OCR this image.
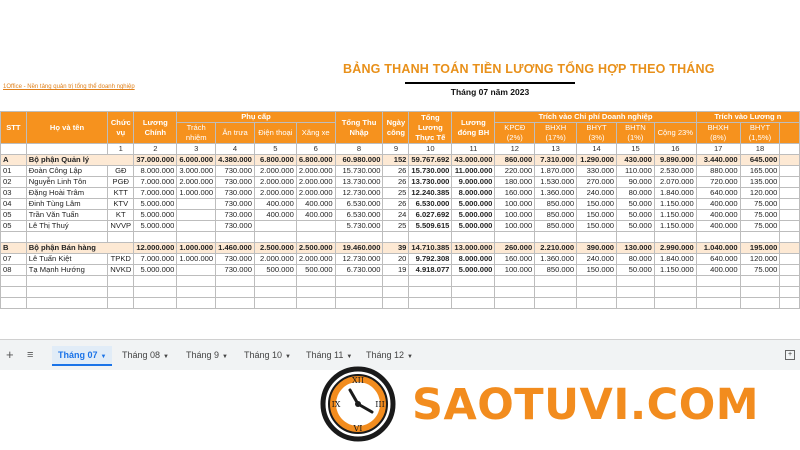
1Office - Nền tảng quản trị tổng thể doanh nghiệp
BẢNG THANH TOÁN TIỀN LƯƠNG TỔNG HỢP THEO THÁNG
Tháng 07 năm 2023
STT	Họ và tên	Chức vụ	Lương Chính	Phụ cấp				Tổng Thu Nhập	Ngày công	Tổng Lương Thực Tế	Lương đóng BH	Trích vào Chi phí Doanh nghiệp					Trích vào Lương n		
				Trách nhiệm	Ăn trưa	Điện thoại	Xăng xe					KPCĐ (2%)	BHXH (17%)	BHYT (3%)	BHTN (1%)	Cộng 23%	BHXH (8%)	BHYT (1,5%)	

		1	2	3	4	5	6	8	9	10	11	12	13	14	15	16	17	18	
A	Bộ phận Quản lý		37.000.000	6.000.000	4.380.000	6.800.000	6.800.000	60.980.000	152	59.767.692	43.000.000	860.000	7.310.000	1.290.000	430.000	9.890.000	3.440.000	645.000	
01	Đoàn Công Lập	GĐ	8.000.000	3.000.000	730.000	2.000.000	2.000.000	15.730.000	26	15.730.000	11.000.000	220.000	1.870.000	330.000	110.000	2.530.000	880.000	165.000	
02	Nguyễn Linh Tôn	PGĐ	7.000.000	2.000.000	730.000	2.000.000	2.000.000	13.730.000	26	13.730.000	9.000.000	180.000	1.530.000	270.000	90.000	2.070.000	720.000	135.000	
03	Đặng Hoài Trâm	KTT	7.000.000	1.000.000	730.000	2.000.000	2.000.000	12.730.000	25	12.240.385	8.000.000	160.000	1.360.000	240.000	80.000	1.840.000	640.000	120.000	
04	Đinh Tùng Lâm	KTV	5.000.000		730.000	400.000	400.000	6.530.000	26	6.530.000	5.000.000	100.000	850.000	150.000	50.000	1.150.000	400.000	75.000	
05	Trần Văn Tuấn	KT	5.000.000		730.000	400.000	400.000	6.530.000	24	6.027.692	5.000.000	100.000	850.000	150.000	50.000	1.150.000	400.000	75.000	
05	Lê Thị Thuý	NVVP	5.000.000		730.000			5.730.000	25	5.509.615	5.000.000	100.000	850.000	150.000	50.000	1.150.000	400.000	75.000	

B	Bộ phận Bán hàng		12.000.000	1.000.000	1.460.000	2.500.000	2.500.000	19.460.000	39	14.710.385	13.000.000	260.000	2.210.000	390.000	130.000	2.990.000	1.040.000	195.000	
07	Lê Tuấn Kiệt	TPKD	7.000.000	1.000.000	730.000	2.000.000	2.000.000	12.730.000	20	9.792.308	8.000.000	160.000	1.360.000	240.000	80.000	1.840.000	640.000	120.000	
08	Tạ Mạnh Hướng	NVKD	5.000.000		730.000	500.000	500.000	6.730.000	19	4.918.077	5.000.000	100.000	850.000	150.000	50.000	1.150.000	400.000	75.000	

+ ≡	Tháng 07 ▼	Tháng 08 ▼	Tháng 9 ▼	Tháng 10 ▼	Tháng 11 ▼	Tháng 12 ▼	+
XII
III
VI
IX SAOTUVI.COM
